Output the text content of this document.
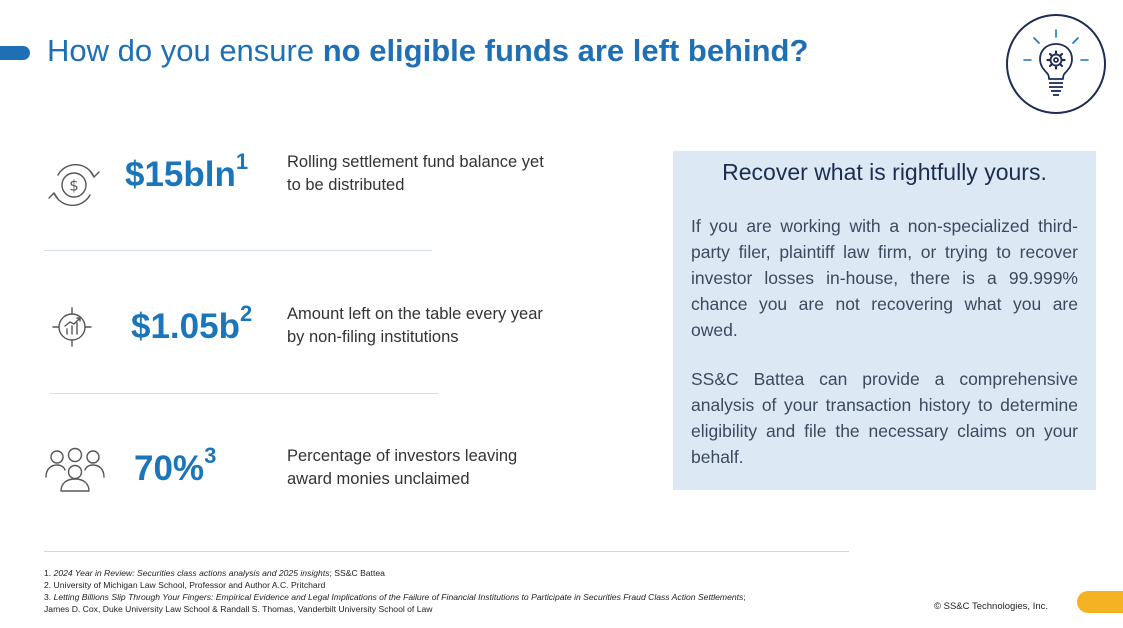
How do you ensure no eligible funds are left behind?
$ $15bln$^1$ Rolling settlement fund balance yet to be distributed
$\$1.05b^2$ Amount left on the table every year by non-filing institutions
70%$^3$	Percentage of investors leaving award monies unclaimed
Recover what is rightfully yours.

If you are working with a non-specialized third-party filer, plaintiff law firm, or trying to recover investor losses in-house, there is a 99.999% chance you are not recovering what you are owed.

SS&C Battea can provide a comprehensive analysis of your transaction history to determine eligibility and file the necessary claims on your behalf.

1. 2024 Year in Review: Securities class actions analysis and 2025 insights; SS&C Battea
2. University of Michigan Law School, Professor and Author A.C. Pritchard
3. Letting Billions Slip Through Your Fingers: Empirical Evidence and Legal Implications of the Failure of Financial Institutions to Participate in Securities Fraud Class Action Settlements;
James D. Cox, Duke University Law School & Randall S. Thomas, Vanderbilt University School of Law	© SS&C Technologies, Inc.
